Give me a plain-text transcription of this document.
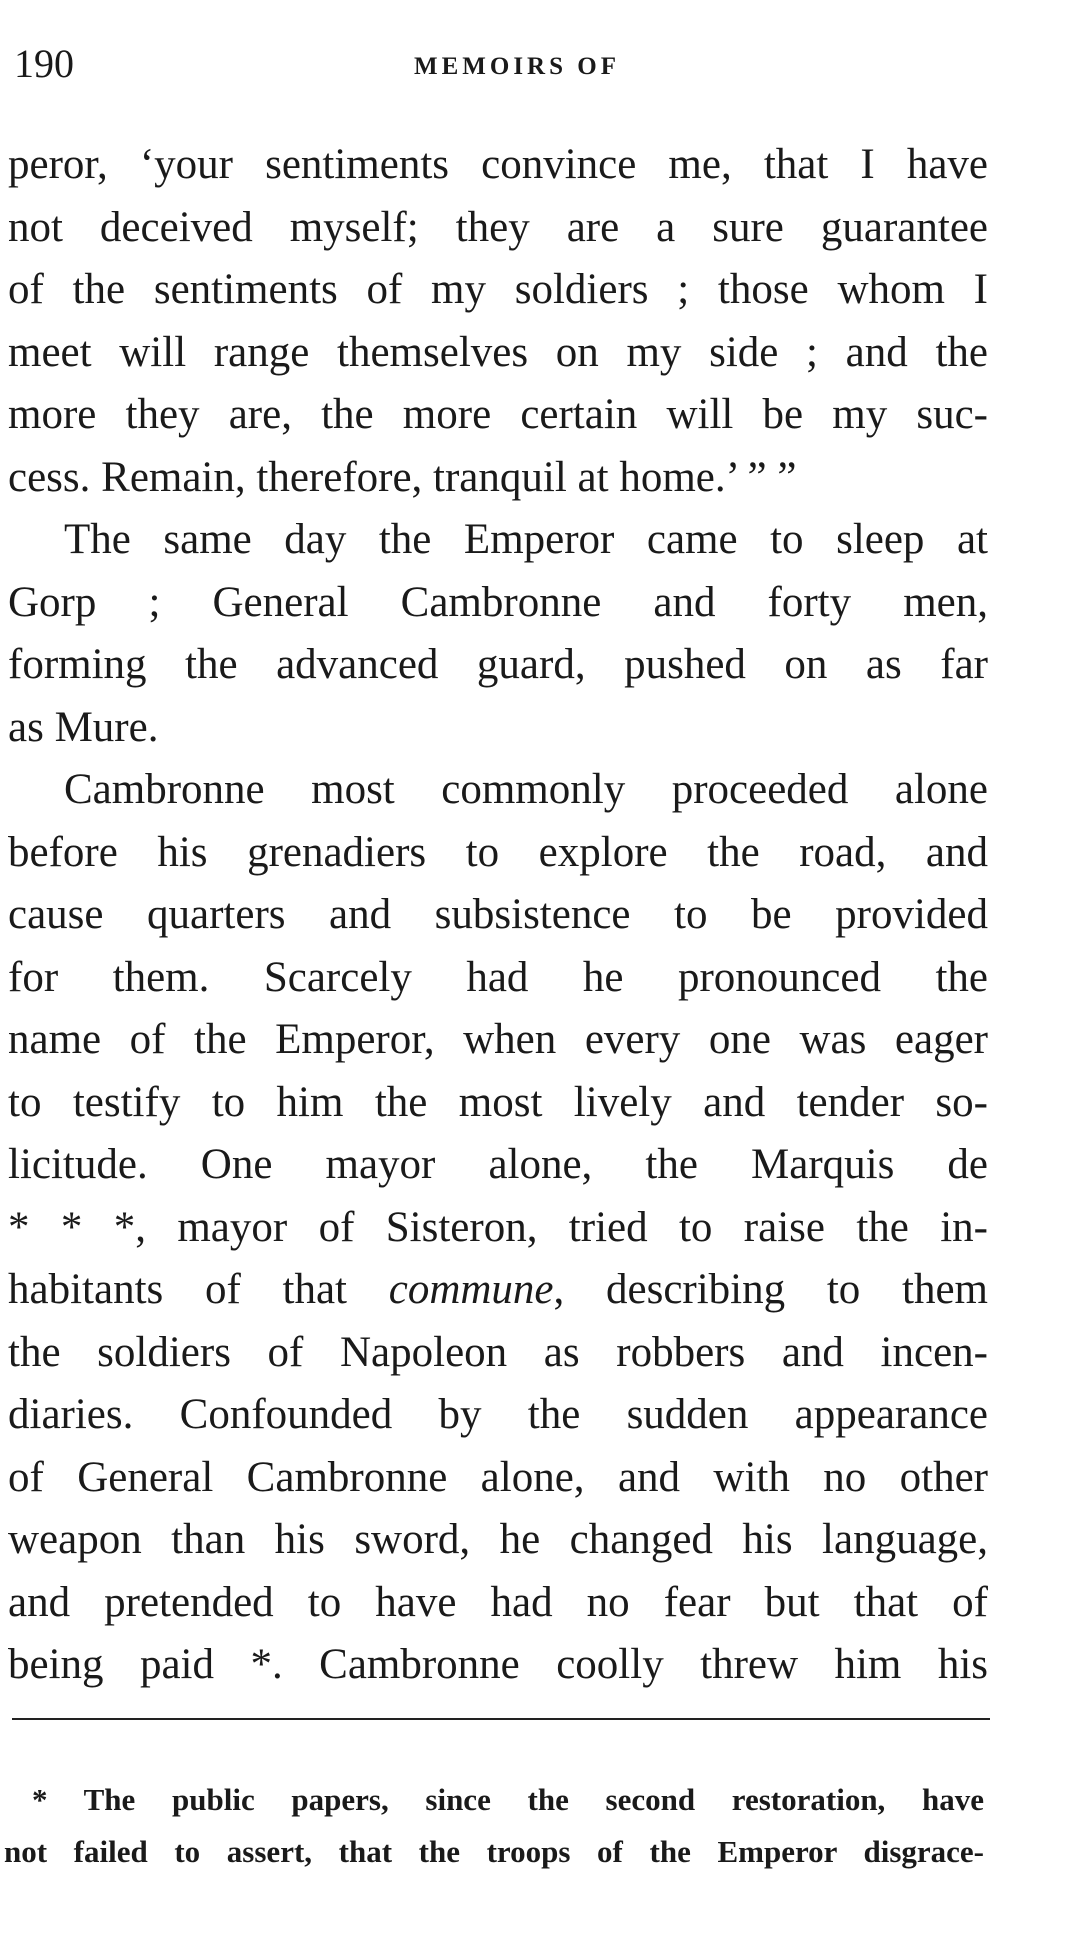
190	MEMOIRS OF
peror, ‘your sentiments convince me, that I have
not deceived myself; they are a sure guarantee
of the sentiments of my soldiers ; those whom I
meet will range themselves on my side ; and the
more they are, the more certain will be my suc-
cess. Remain, therefore, tranquil at home.’ ” ”
The same day the Emperor came to sleep at
Gorp ; General Cambronne and forty men,
forming the advanced guard, pushed on as far
as Mure.
Cambronne most commonly proceeded alone
before his grenadiers to explore the road, and
cause quarters and subsistence to be provided
for them. Scarcely had he pronounced the
name of the Emperor, when every one was eager
to testify to him the most lively and tender so-
licitude. One mayor alone, the Marquis de
* * *, mayor of Sisteron, tried to raise the in-
habitants of that commune, describing to them
the soldiers of Napoleon as robbers and incen-
diaries. Confounded by the sudden appearance
of General Cambronne alone, and with no other
weapon than his sword, he changed his language,
and pretended to have had no fear but that of
being paid *. Cambronne coolly threw him his
* The public papers, since the second restoration, have
not failed to assert, that the troops of the Emperor disgrace-
